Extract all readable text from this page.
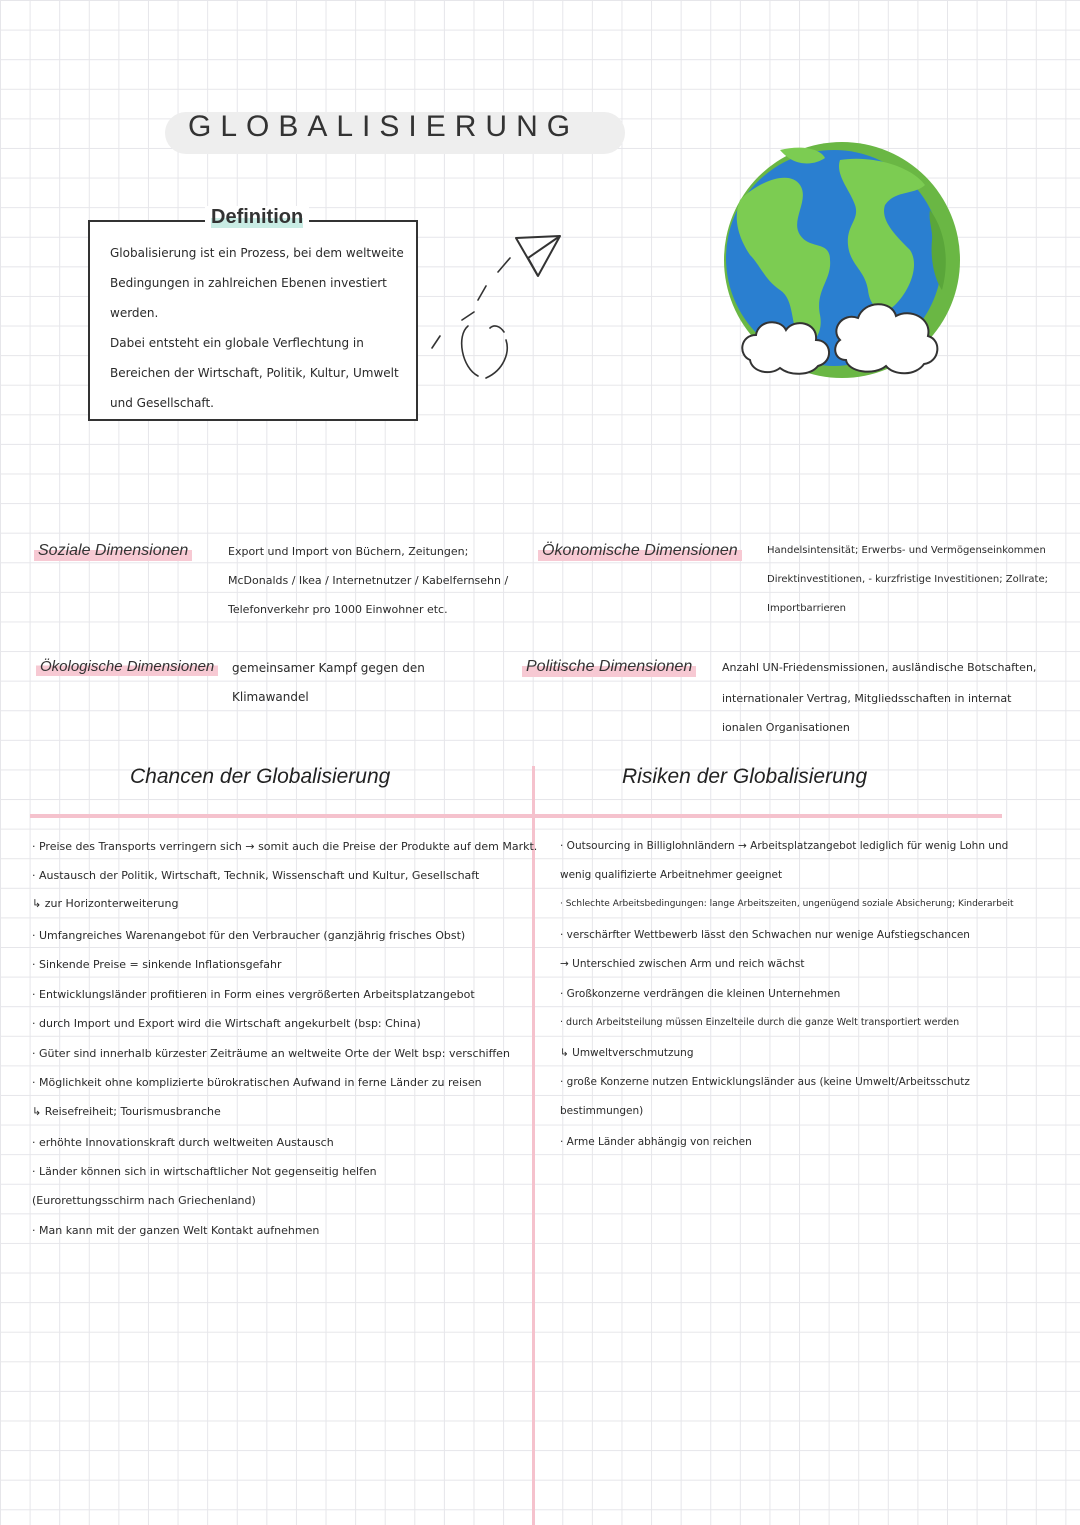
GLOBALISIERUNG
Definition
Globalisierung ist ein Prozess, bei dem weltweite
Bedingungen in zahlreichen Ebenen investiert
werden.
Dabei entsteht ein globale Verflechtung in
Bereichen der Wirtschaft, Politik, Kultur, Umwelt
und Gesellschaft.
Soziale Dimensionen	Export und Import von Büchern, Zeitungen;
McDonalds / Ikea / Internetnutzer / Kabelfernsehn /
Telefonverkehr pro 1000 Einwohner etc.
Ökonomische Dimensionen	Handelsintensität; Erwerbs- und Vermögenseinkommen
Direktinvestitionen, - kurzfristige Investitionen; Zollrate;
Importbarrieren
Ökologische Dimensionen	gemeinsamer Kampf gegen den
Klimawandel
Politische Dimensionen	Anzahl UN-Friedensmissionen, ausländische Botschaften,
internationaler Vertrag, Mitgliedsschaften in internat
ionalen Organisationen
Chancen der Globalisierung	Risiken der Globalisierung
· Preise des Transports verringern sich → somit auch die Preise der Produkte auf dem Markt.
· Austausch der Politik, Wirtschaft, Technik, Wissenschaft und Kultur, Gesellschaft
↳ zur Horizonterweiterung
· Umfangreiches Warenangebot für den Verbraucher (ganzjährig frisches Obst)
· Sinkende Preise = sinkende Inflationsgefahr
· Entwicklungsländer profitieren in Form eines vergrößerten Arbeitsplatzangebot
· durch Import und Export wird die Wirtschaft angekurbelt (bsp: China)
· Güter sind innerhalb kürzester Zeiträume an weltweite Orte der Welt bsp: verschiffen
· Möglichkeit ohne komplizierte bürokratischen Aufwand in ferne Länder zu reisen
↳ Reisefreiheit; Tourismusbranche
· erhöhte Innovationskraft durch weltweiten Austausch
· Länder können sich in wirtschaftlicher Not gegenseitig helfen
(Eurorettungsschirm nach Griechenland)
· Man kann mit der ganzen Welt Kontakt aufnehmen
· Outsourcing in Billiglohnländern → Arbeitsplatzangebot lediglich für wenig Lohn und
wenig qualifizierte Arbeitnehmer geeignet
· Schlechte Arbeitsbedingungen: lange Arbeitszeiten, ungenügend soziale Absicherung; Kinderarbeit
· verschärfter Wettbewerb lässt den Schwachen nur wenige Aufstiegschancen
→ Unterschied zwischen Arm und reich wächst
· Großkonzerne verdrängen die kleinen Unternehmen
· durch Arbeitsteilung müssen Einzelteile durch die ganze Welt transportiert werden
↳ Umweltverschmutzung
· große Konzerne nutzen Entwicklungsländer aus (keine Umwelt/Arbeitsschutz
bestimmungen)
· Arme Länder abhängig von reichen
